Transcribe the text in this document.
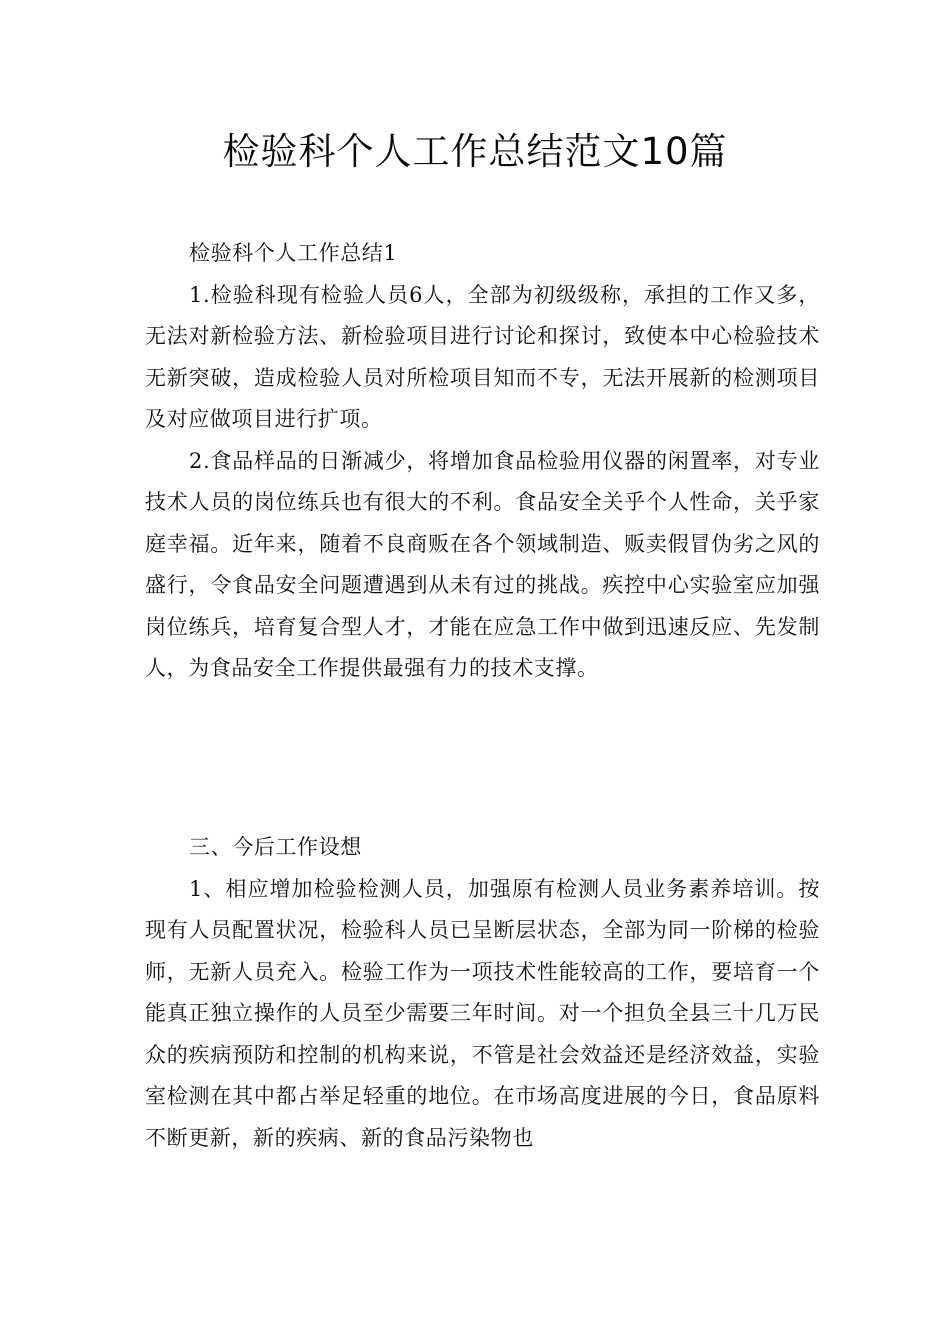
检验科个人工作总结范文10篇

检验科个人工作总结1

1.检验科现有检验人员6人，全部为初级级称，承担的工作又多，无法对新检验方法、新检验项目进行讨论和探讨，致使本中心检验技术无新突破，造成检验人员对所检项目知而不专，无法开展新的检测项目及对应做项目进行扩项。

2.食品样品的日渐减少，将增加食品检验用仪器的闲置率，对专业技术人员的岗位练兵也有很大的不利。食品安全关乎个人性命，关乎家庭幸福。近年来，随着不良商贩在各个领域制造、贩卖假冒伪劣之风的盛行，令食品安全问题遭遇到从未有过的挑战。疾控中心实验室应加强岗位练兵，培育复合型人才，才能在应急工作中做到迅速反应、先发制人，为食品安全工作提供最强有力的技术支撑。

三、今后工作设想

1、相应增加检验检测人员，加强原有检测人员业务素养培训。按现有人员配置状况，检验科人员已呈断层状态，全部为同一阶梯的检验师，无新人员充入。检验工作为一项技术性能较高的工作，要培育一个能真正独立操作的人员至少需要三年时间。对一个担负全县三十几万民众的疾病预防和控制的机构来说，不管是社会效益还是经济效益，实验室检测在其中都占举足轻重的地位。在市场高度进展的今日，食品原料不断更新，新的疾病、新的食品污染物也
